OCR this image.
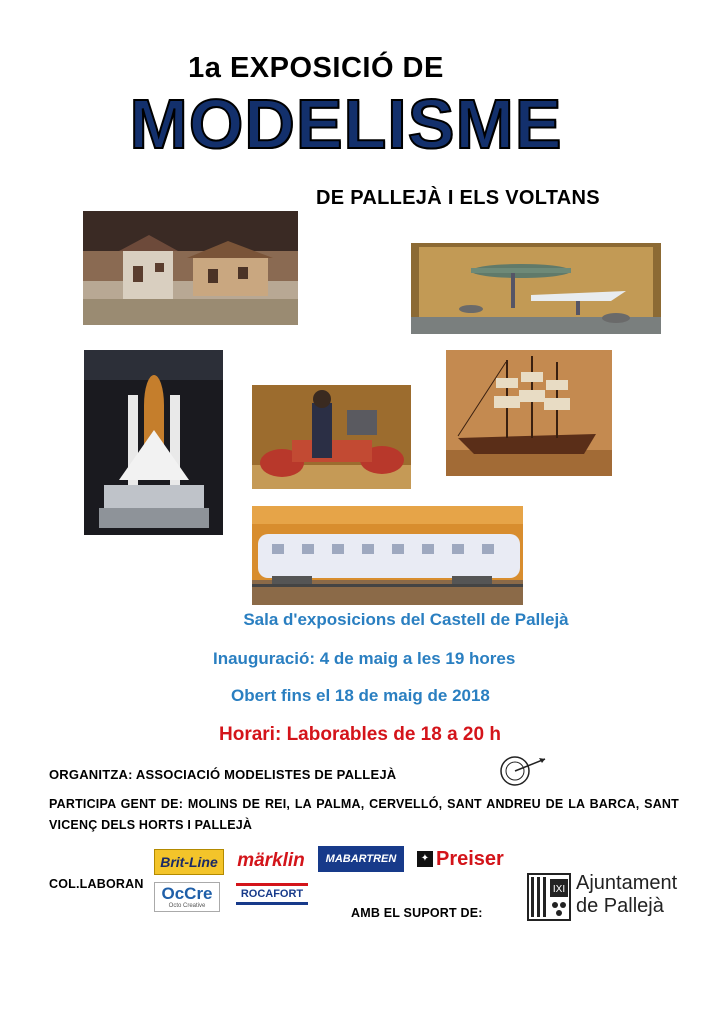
1a EXPOSICIÓ DE
MODELISME
DE PALLEJÀ I ELS VOLTANS
Sala d'exposicions del Castell de Pallejà
Inauguració: 4 de maig a les 19 hores
Obert fins el 18 de maig de 2018
Horari: Laborables de 18 a 20 h
ORGANITZA: ASSOCIACIÓ MODELISTES DE PALLEJÀ
PARTICIPA GENT DE: MOLINS DE REI, LA PALMA, CERVELLÓ, SANT ANDREU DE LA BARCA, SANT
VICENÇ DELS HORTS I PALLEJÀ
COL.LABORAN
Brit-Line märklin MABARTREN	✦ Preiser
OcCre
Octo Creative
ROCAFORT
AMB EL SUPORT DE:
IXI Ajuntament
de Pallejà
